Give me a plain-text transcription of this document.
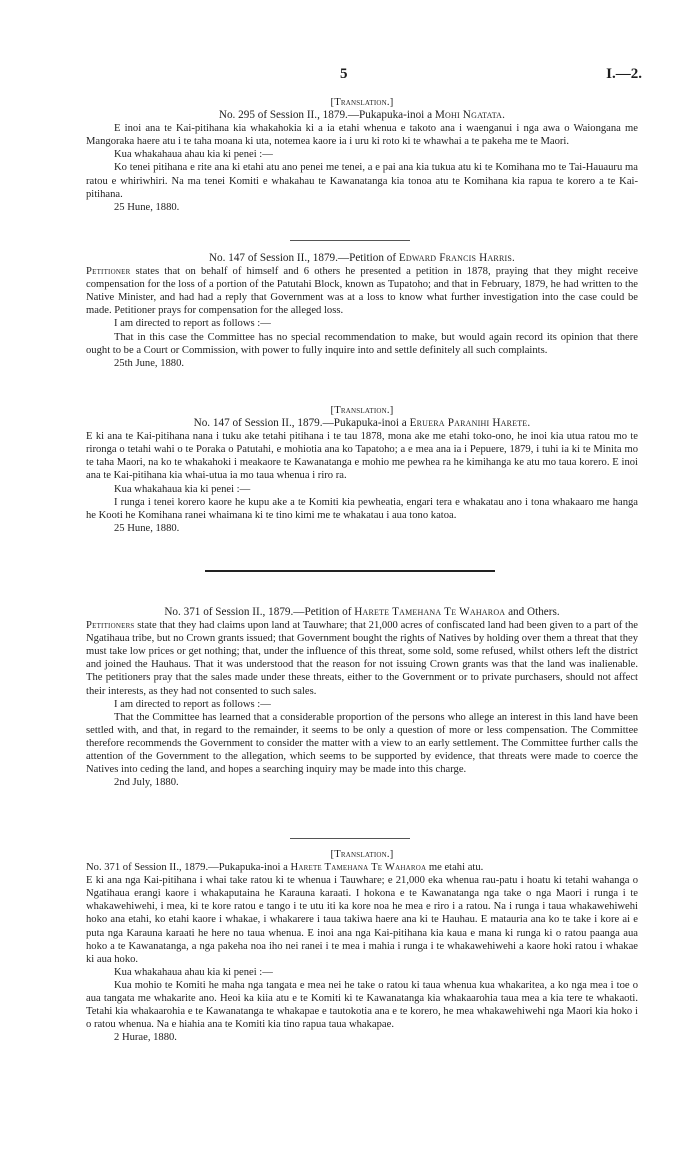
5	I.—2.

[Translation.]

No. 295 of Session II., 1879.—Pukapuka-inoi a Mohi Ngatata.

E inoi ana te Kai-pitihana kia whakahokia ki a ia etahi whenua e takoto ana i waenganui i nga awa o Waiongana me Mangoraka haere atu i te taha moana ki uta, notemea kaore ia i uru ki roto ki te whawhai a te pakeha me te Maori.

Kua whakahaua ahau kia ki penei :—

Ko tenei pitihana e rite ana ki etahi atu ano penei me tenei, a e pai ana kia tukua atu ki te Komihana mo te Tai-Hauauru ma ratou e whiriwhiri. Na ma tenei Komiti e whakahau te Kawanatanga kia tonoa atu te Komihana kia rapua te korero a te Kai-pitihana.

25 Hune, 1880.

No. 147 of Session II., 1879.—Petition of Edward Francis Harris.

Petitioner states that on behalf of himself and 6 others he presented a petition in 1878, praying that they might receive compensation for the loss of a portion of the Patutahi Block, known as Tupatoho; and that in February, 1879, he had written to the Native Minister, and had had a reply that Government was at a loss to know what further investigation into the case could be made. Petitioner prays for compensation for the alleged loss.

I am directed to report as follows :—

That in this case the Committee has no special recommendation to make, but would again record its opinion that there ought to be a Court or Commission, with power to fully inquire into and settle definitely all such complaints.

25th June, 1880.

[Translation.]

No. 147 of Session II., 1879.—Pukapuka-inoi a Eruera Paranihi Harete.

E ki ana te Kai-pitihana nana i tuku ake tetahi pitihana i te tau 1878, mona ake me etahi toko-ono, he inoi kia utua ratou mo te rironga o tetahi wahi o te Poraka o Patutahi, e mohiotia ana ko Tapatoho; a e mea ana ia i Pepuere, 1879, i tuhi ia ki te Minita mo te taha Maori, na ko te whakahoki i meakaore te Kawanatanga e mohio me pewhea ra he kimihanga ke atu mo taua korero. E inoi ana te Kai-pitihana kia whai-utua ia mo taua whenua i riro ra.

Kua whakahaua kia ki penei :—

I runga i tenei korero kaore he kupu ake a te Komiti kia pewheatia, engari tera e whakatau ano i tona whakaaro me hanga he Kooti he Komihana ranei whaimana ki te tino kimi me te whakatau i aua tono katoa.

25 Hune, 1880.

No. 371 of Session II., 1879.—Petition of Harete Tamehana Te Waharoa and Others.

Petitioners state that they had claims upon land at Tauwhare; that 21,000 acres of confiscated land had been given to a part of the Ngatihaua tribe, but no Crown grants issued; that Government bought the rights of Natives by holding over them a threat that they must take low prices or get nothing; that, under the influence of this threat, some sold, some refused, whilst others left the district and joined the Hauhaus. That it was understood that the reason for not issuing Crown grants was that the land was inalienable. The petitioners pray that the sales made under these threats, either to the Government or to private purchasers, should not affect their interests, as they had not consented to such sales.

I am directed to report as follows :—

That the Committee has learned that a considerable proportion of the persons who allege an interest in this land have been settled with, and that, in regard to the remainder, it seems to be only a question of more or less compensation. The Committee therefore recommends the Government to consider the matter with a view to an early settlement. The Committee further calls the attention of the Government to the allegation, which seems to be supported by evidence, that threats were made to coerce the Natives into ceding the land, and hopes a searching inquiry may be made into this charge.

2nd July, 1880.

[Translation.]

No. 371 of Session II., 1879.—Pukapuka-inoi a Harete Tamehana Te Waharoa me etahi atu.

E ki ana nga Kai-pitihana i whai take ratou ki te whenua i Tauwhare; e 21,000 eka whenua rau-patu i hoatu ki tetahi wahanga o Ngatihaua erangi kaore i whakaputaina he Karauna karaati. I hokona e te Kawanatanga nga take o nga Maori i runga i te whakawehiwehi, i mea, ki te kore ratou e tango i te utu iti ka kore noa he mea e riro i a ratou. Na i runga i taua whakawehiwehi hoko ana etahi, ko etahi kaore i whakae, i whakarere i taua takiwa haere ana ki te Hauhau. E matauria ana ko te take i kore ai e puta nga Karauna karaati he here no taua whenua. E inoi ana nga Kai-pitihana kia kaua e mana ki runga ki o ratou paanga aua hoko a te Kawanatanga, a nga pakeha noa iho nei ranei i te mea i mahia i runga i te whakawehiwehi a kaore hoki ratou i whakae ki aua hoko.

Kua whakahaua ahau kia ki penei :—

Kua mohio te Komiti he maha nga tangata e mea nei he take o ratou ki taua whenua kua whakaritea, a ko nga mea i toe o aua tangata me whakarite ano. Heoi ka kiia atu e te Komiti ki te Kawanatanga kia whakaarohia taua mea a kia tere te whakaoti. Tetahi kia whakaarohia e te Kawanatanga te whakapae e tautokotia ana e te korero, he mea whakawehiwehi nga Maori kia hoko i o ratou whenua. Na e hiahia ana te Komiti kia tino rapua taua whakapae.

2 Hurae, 1880.
